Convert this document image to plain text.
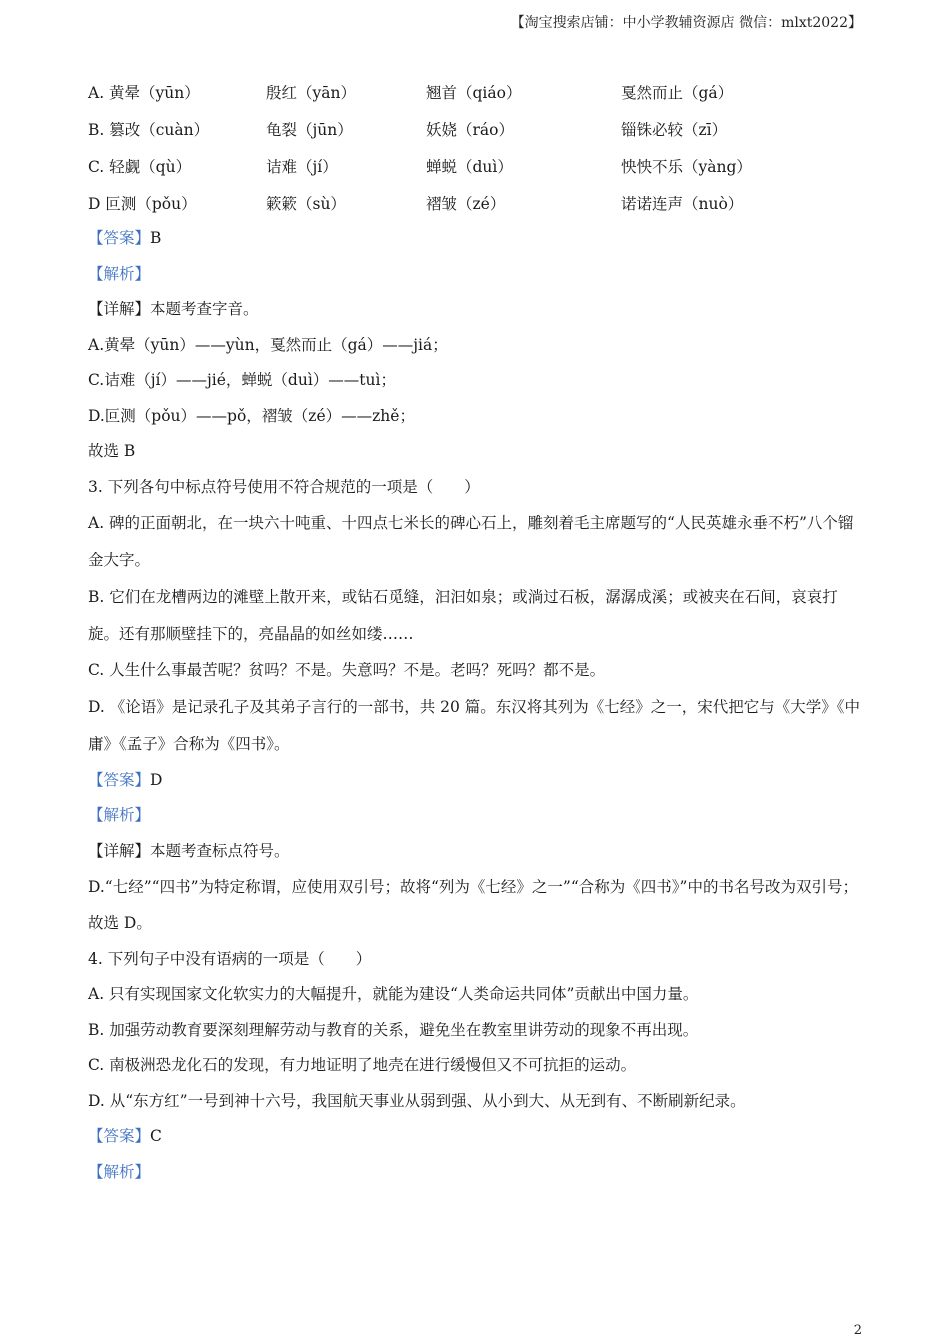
【淘宝搜索店铺：中小学教辅资源店 微信：mlxt2022】
A. 黄晕（yūn）	殷红（yān）	翘首（qiáo）	戛然而止（gá）
B. 篡改（cuàn）	龟裂（jūn）	妖娆（ráo）	锱铢必较（zī）
C. 轻觑（qù）	诘难（jí）	蝉蜕（duì）	怏怏不乐（yàng）
D 叵测（pǒu）	簌簌（sù）	褶皱（zé）	诺诺连声（nuò）
【答案】B
【解析】
【详解】本题考查字音。
A.黄晕（yūn）——yùn，戛然而止（gá）——jiá；
C.诘难（jí）——jié，蝉蜕（duì）——tuì；
D.叵测（pǒu）——pǒ，褶皱（zé）——zhě；
故选 B
3. 下列各句中标点符号使用不符合规范的一项是（　　）
A. 碑的正面朝北，在一块六十吨重、十四点七米长的碑心石上，雕刻着毛主席题写的“人民英雄永垂不朽”八个镏金大字。
B. 它们在龙槽两边的滩壁上散开来，或钻石觅缝，汩汩如泉；或淌过石板，潺潺成溪；或被夹在石间，哀哀打旋。还有那顺壁挂下的，亮晶晶的如丝如缕……
C. 人生什么事最苦呢？贫吗？不是。失意吗？不是。老吗？死吗？都不是。
D. 《论语》是记录孔子及其弟子言行的一部书，共 20 篇。东汉将其列为《七经》之一，宋代把它与《大学》《中庸》《孟子》合称为《四书》。
【答案】D
【解析】
【详解】本题考查标点符号。
D.“七经”“四书”为特定称谓，应使用双引号；故将“列为《七经》之一”“合称为《四书》”中的书名号改为双引号；
故选 D。
4. 下列句子中没有语病的一项是（　　）
A. 只有实现国家文化软实力的大幅提升，就能为建设“人类命运共同体”贡献出中国力量。
B. 加强劳动教育要深刻理解劳动与教育的关系，避免坐在教室里讲劳动的现象不再出现。
C. 南极洲恐龙化石的发现，有力地证明了地壳在进行缓慢但又不可抗拒的运动。
D. 从“东方红”一号到神十六号，我国航天事业从弱到强、从小到大、从无到有、不断刷新纪录。
【答案】C
【解析】
2
